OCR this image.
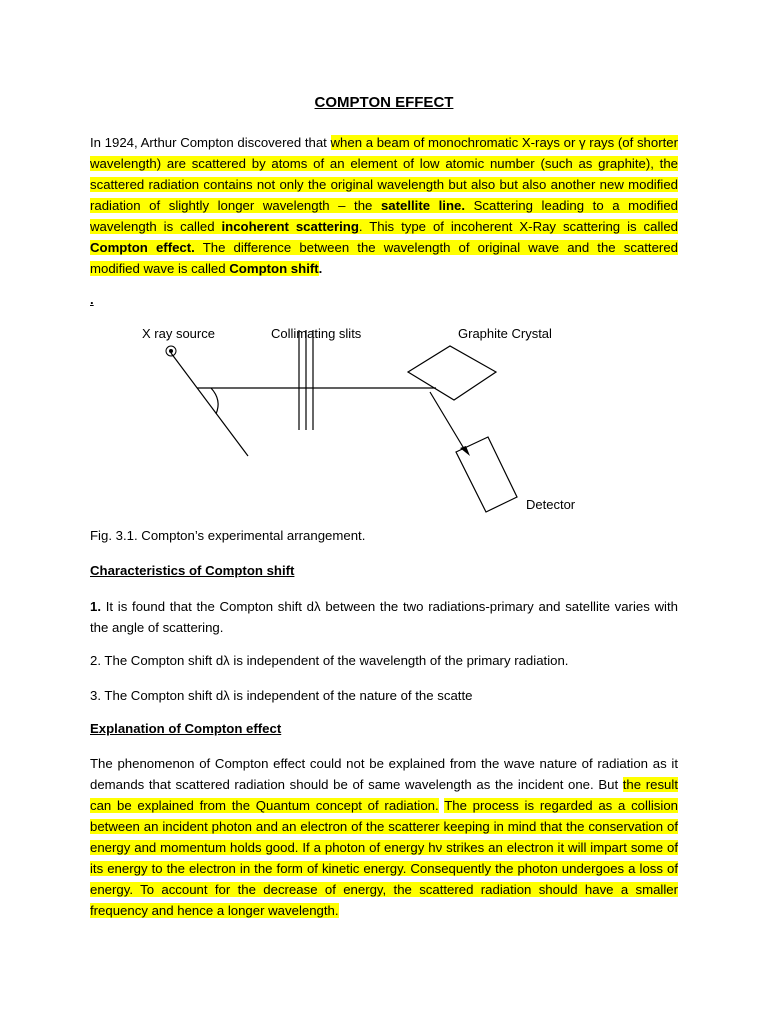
COMPTON EFFECT

In 1924, Arthur Compton discovered that when a beam of monochromatic X-rays or γ rays (of shorter wavelength) are scattered by atoms of an element of low atomic number (such as graphite), the scattered radiation contains not only the original wavelength but also but also another new modified radiation of slightly longer wavelength – the satellite line. Scattering leading to a modified wavelength is called incoherent scattering. This type of incoherent X-Ray scattering is called Compton effect. The difference between the wavelength of original wave and the scattered modified wave is called Compton shift.

.
X ray source	Collimating slits	Graphite Crystal
Detector
Fig. 3.1. Compton’s experimental arrangement.
Characteristics of Compton shift

1. It is found that the Compton shift dλ between the two radiations-primary and satellite varies with the angle of scattering.

2. The Compton shift dλ is independent of the wavelength of the primary radiation.
3. The Compton shift dλ is independent of the nature of the scatte
Explanation of Compton effect

The phenomenon of Compton effect could not be explained from the wave nature of radiation as it demands that scattered radiation should be of same wavelength as the incident one. But the result can be explained from the Quantum concept of radiation. The process is regarded as a collision between an incident photon and an electron of the scatterer keeping in mind that the conservation of energy and momentum holds good. If a photon of energy hν strikes an electron it will impart some of its energy to the electron in the form of kinetic energy. Consequently the photon undergoes a loss of energy. To account for the decrease of energy, the scattered radiation should have a smaller frequency and hence a longer wavelength.
